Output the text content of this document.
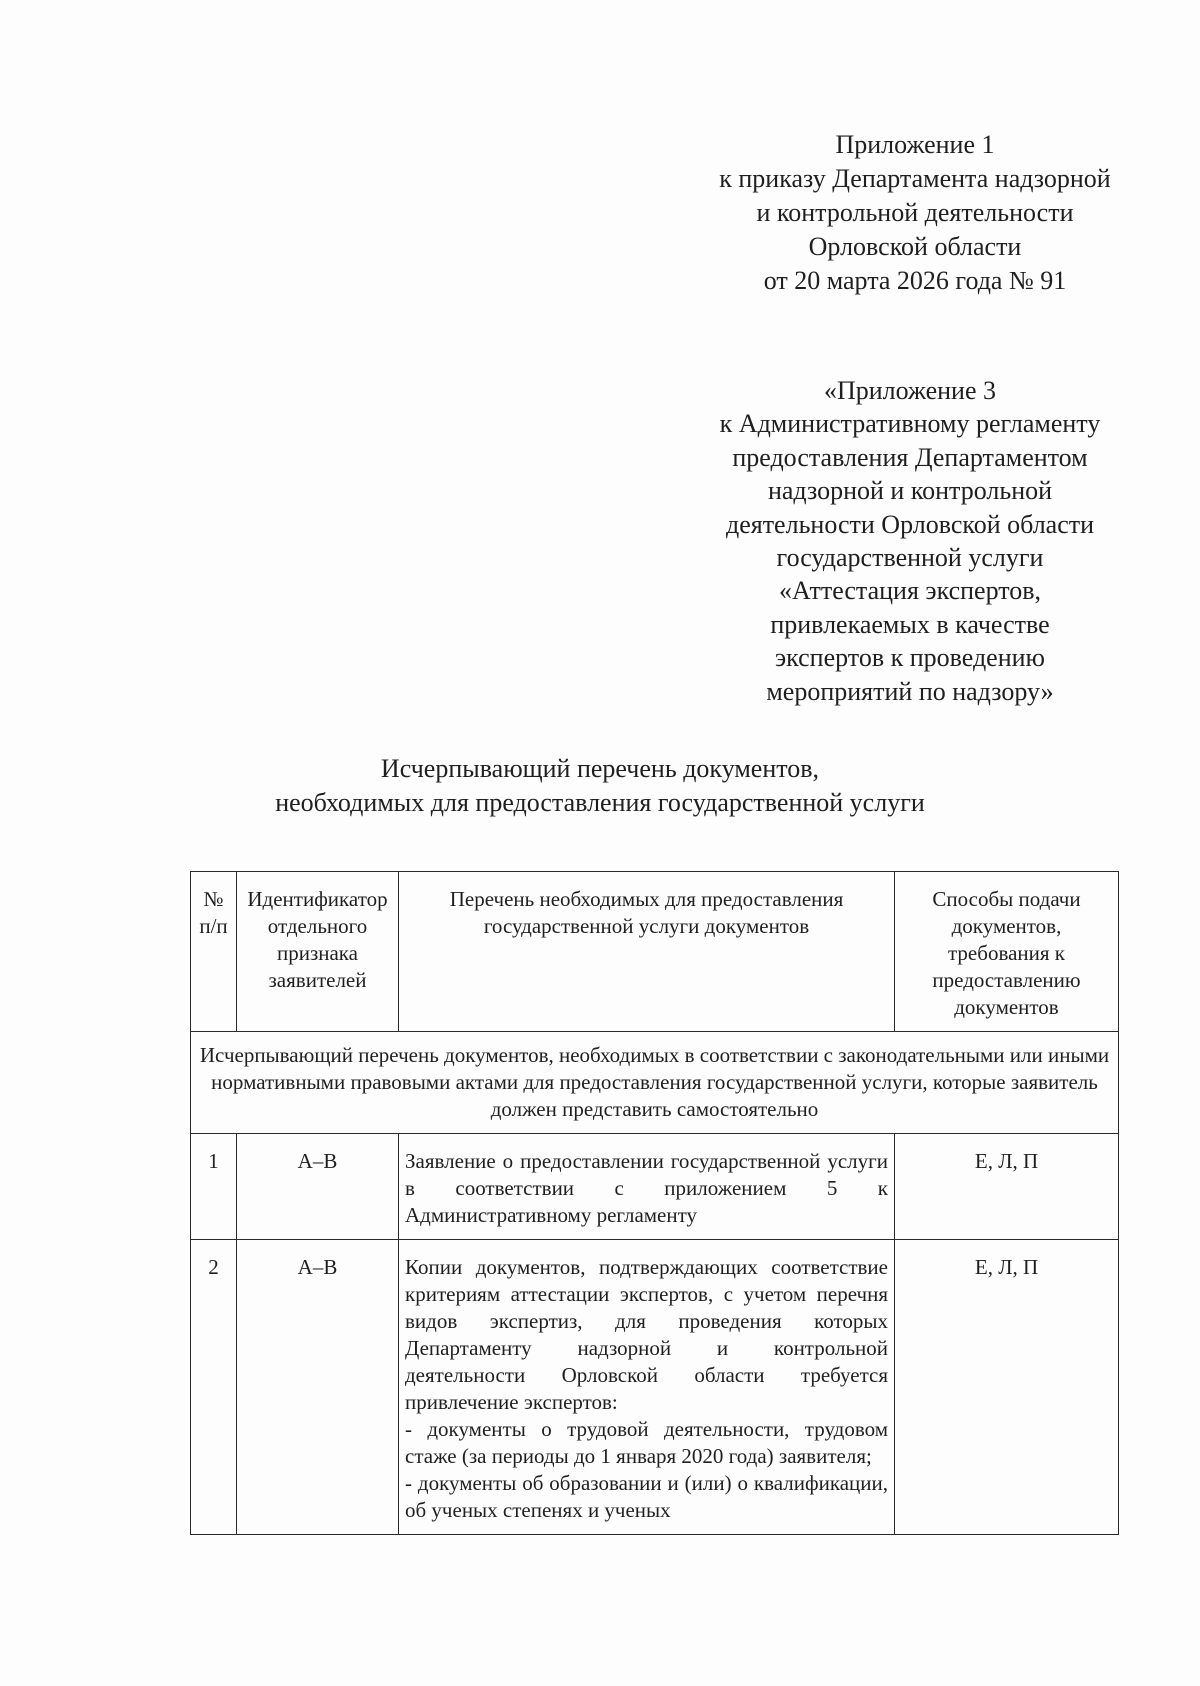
Приложение 1
к приказу Департамента надзорной
и контрольной деятельности
Орловской области
от 20 марта 2026 года № 91
«Приложение 3
к Административному регламенту
предоставления Департаментом
надзорной и контрольной
деятельности Орловской области
государственной услуги
«Аттестация экспертов,
привлекаемых в качестве
экспертов к проведению
мероприятий по надзору»
Исчерпывающий перечень документов,
необходимых для предоставления государственной услуги
№ п/п	Идентификатор отдельного признака заявителей	Перечень необходимых для предоставления государственной услуги документов	Способы подачи документов, требования к предоставлению документов
Исчерпывающий перечень документов, необходимых в соответствии с законодательными или иными нормативными правовыми актами для предоставления государственной услуги, которые заявитель должен представить самостоятельно			
1	А–В	Заявление о предоставлении государственной услуги в соответствии с приложением 5 к Административному регламенту	Е, Л, П
2	А–В	Копии документов, подтверждающих соответствие критериям аттестации экспертов, с учетом перечня видов экспертиз, для проведения которых Департаменту надзорной и контрольной деятельности Орловской области требуется привлечение экспертов:
- документы о трудовой деятельности, трудовом стаже (за периоды до 1 января 2020 года) заявителя;
- документы об образовании и (или) о квалификации, об ученых степенях и ученых	Е, Л, П
